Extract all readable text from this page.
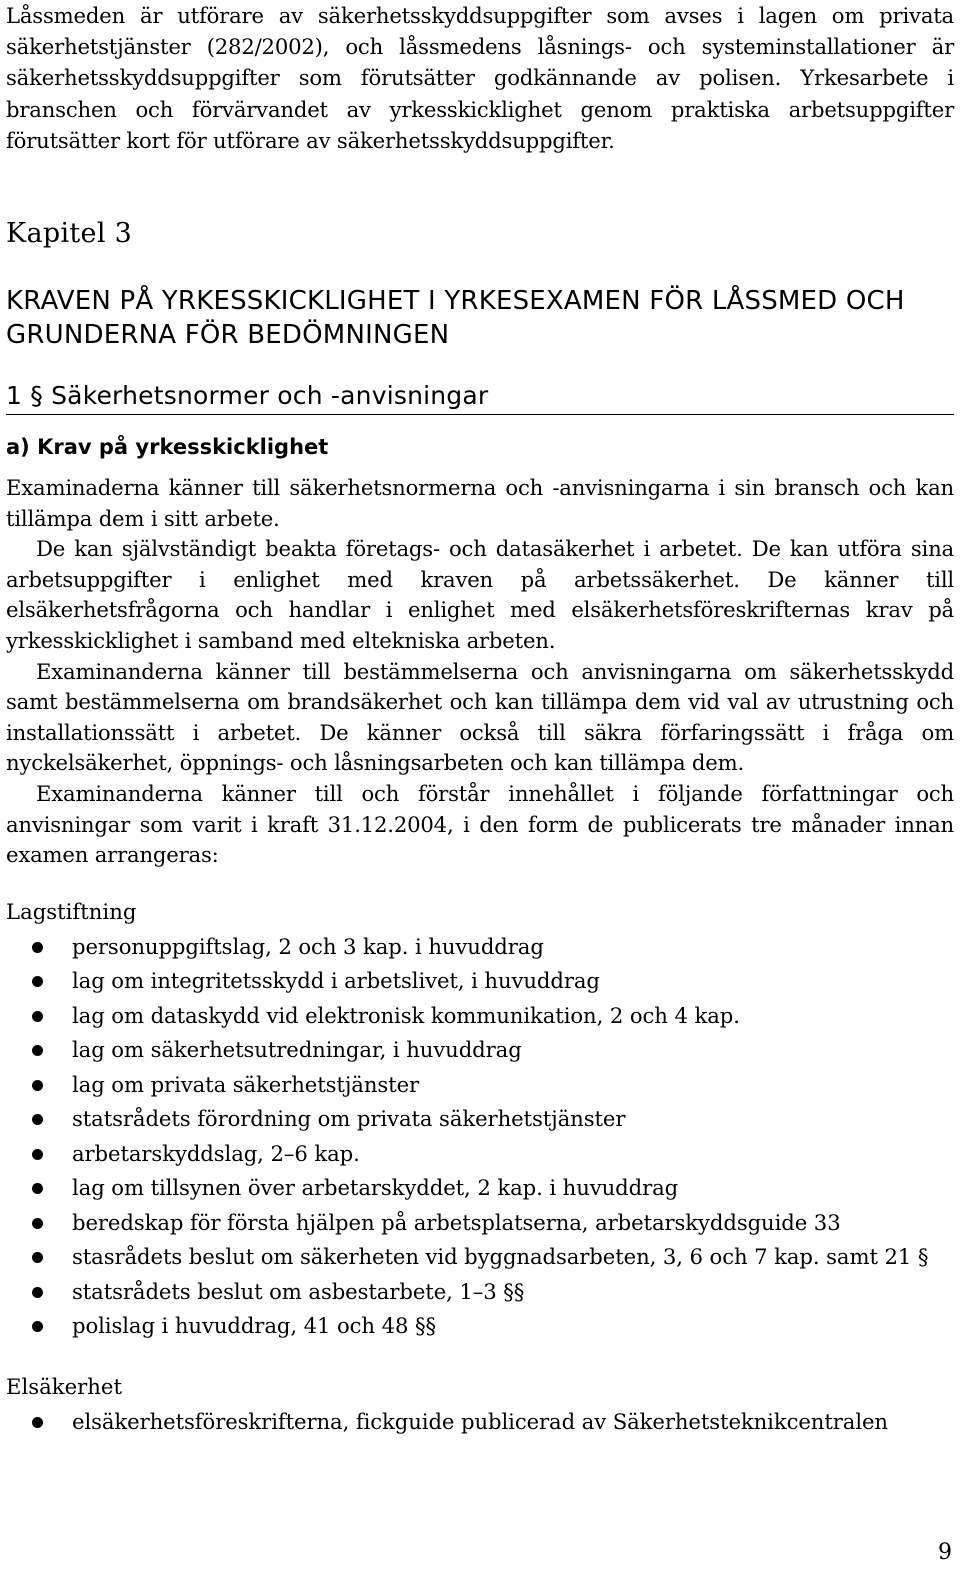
Låssmeden är utförare av säkerhetsskyddsuppgifter som avses i lagen om privata säkerhetstjänster (282/2002), och låssmedens låsnings- och systeminstallationer är säkerhetsskyddsuppgifter som förutsätter godkännande av polisen. Yrkesarbete i branschen och förvärvandet av yrkesskicklighet genom praktiska arbetsuppgifter förutsätter kort för utförare av säkerhetsskyddsuppgifter.

Kapitel 3
KRAVEN PÅ YRKESSKICKLIGHET I YRKESEXAMEN FÖR LÅSSMED OCH GRUNDERNA FÖR BEDÖMNINGEN
1 § Säkerhetsnormer och -anvisningar
a) Krav på yrkesskicklighet

Examinaderna känner till säkerhetsnormerna och -anvisningarna i sin bransch och kan tillämpa dem i sitt arbete.

De kan självständigt beakta företags- och datasäkerhet i arbetet. De kan utföra sina arbetsuppgifter i enlighet med kraven på arbetssäkerhet. De känner till elsäkerhetsfrågorna och handlar i enlighet med elsäkerhetsföreskrifternas krav på yrkesskicklighet i samband med eltekniska arbeten.

Examinanderna känner till bestämmelserna och anvisningarna om säkerhetsskydd samt bestämmelserna om brandsäkerhet och kan tillämpa dem vid val av utrustning och installationssätt i arbetet. De känner också till säkra förfaringssätt i fråga om nyckelsäkerhet, öppnings- och låsningsarbeten och kan tillämpa dem.

Examinanderna känner till och förstår innehållet i följande författningar och anvisningar som varit i kraft 31.12.2004, i den form de publicerats tre månader innan examen arrangeras:

Lagstiftning
personuppgiftslag, 2 och 3 kap. i huvuddrag
lag om integritetsskydd i arbetslivet, i huvuddrag
lag om dataskydd vid elektronisk kommunikation, 2 och 4 kap.
lag om säkerhetsutredningar, i huvuddrag
lag om privata säkerhetstjänster
statsrådets förordning om privata säkerhetstjänster
arbetarskyddslag, 2–6 kap.
lag om tillsynen över arbetarskyddet, 2 kap. i huvuddrag
beredskap för första hjälpen på arbetsplatserna, arbetarskyddsguide 33
stasrådets beslut om säkerheten vid byggnadsarbeten, 3, 6 och 7 kap. samt 21 §
statsrådets beslut om asbestarbete, 1–3 §§
polislag i huvuddrag, 41 och 48 §§
Elsäkerhet
elsäkerhetsföreskrifterna, fickguide publicerad av Säkerhetsteknikcentralen
9
